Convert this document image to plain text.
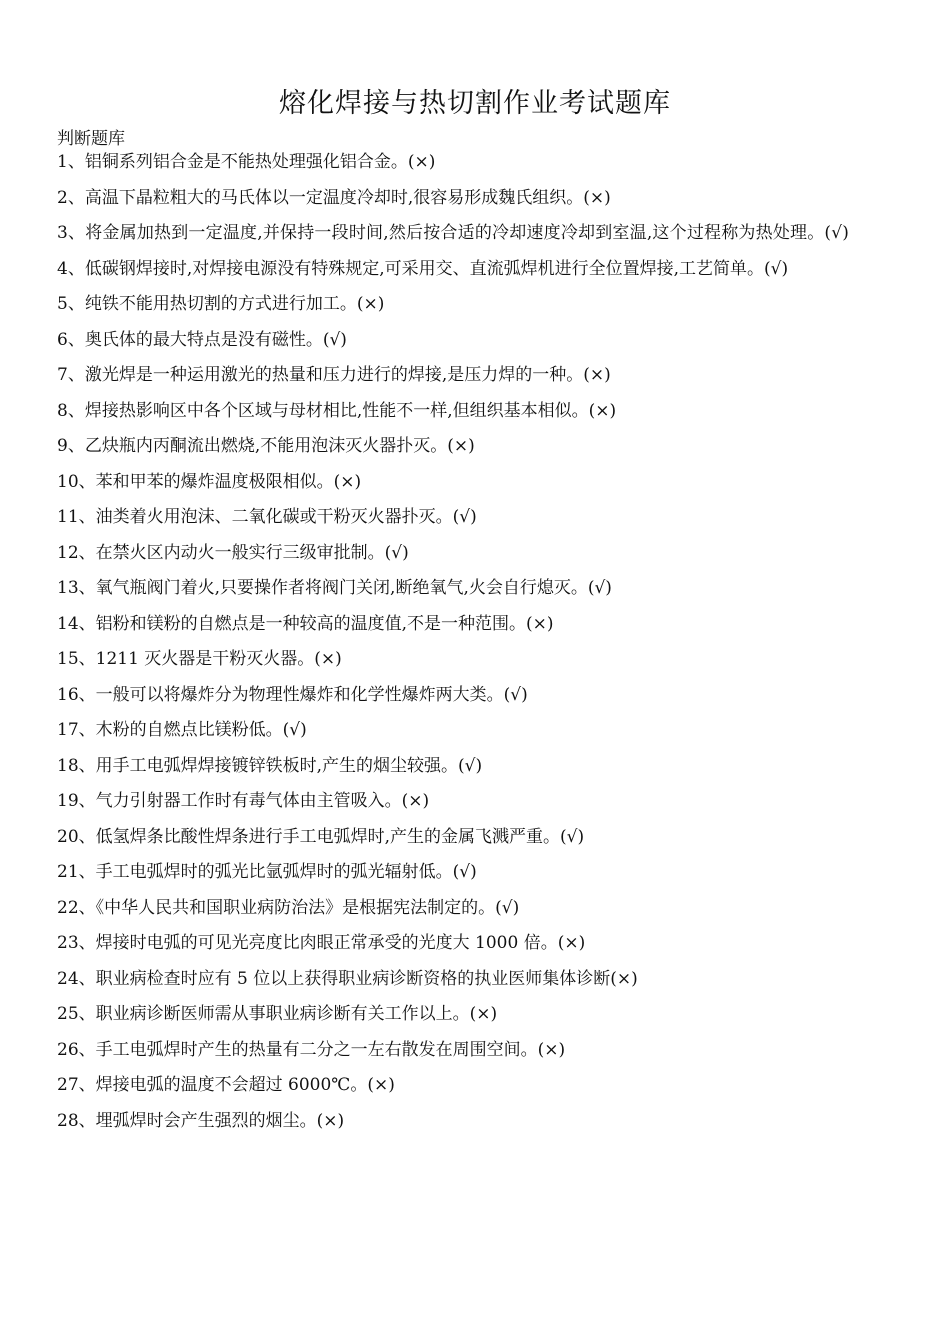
熔化焊接与热切割作业考试题库
判断题库
1、铝铜系列铝合金是不能热处理强化铝合金。(×)
2、高温下晶粒粗大的马氏体以一定温度冷却时,很容易形成魏氏组织。(×)
3、将金属加热到一定温度,并保持一段时间,然后按合适的冷却速度冷却到室温,这个过程称为热处理。(√)
4、低碳钢焊接时,对焊接电源没有特殊规定,可采用交、直流弧焊机进行全位置焊接,工艺简单。(√)
5、纯铁不能用热切割的方式进行加工。(×)
6、奥氏体的最大特点是没有磁性。(√)
7、激光焊是一种运用激光的热量和压力进行的焊接,是压力焊的一种。(×)
8、焊接热影响区中各个区域与母材相比,性能不一样,但组织基本相似。(×)
9、乙炔瓶内丙酮流出燃烧,不能用泡沫灭火器扑灭。(×)
10、苯和甲苯的爆炸温度极限相似。(×)
11、油类着火用泡沫、二氧化碳或干粉灭火器扑灭。(√)
12、在禁火区内动火一般实行三级审批制。(√)
13、氧气瓶阀门着火,只要操作者将阀门关闭,断绝氧气,火会自行熄灭。(√)
14、铝粉和镁粉的自燃点是一种较高的温度值,不是一种范围。(×)
15、1211 灭火器是干粉灭火器。(×)
16、一般可以将爆炸分为物理性爆炸和化学性爆炸两大类。(√)
17、木粉的自燃点比镁粉低。(√)
18、用手工电弧焊焊接镀锌铁板时,产生的烟尘较强。(√)
19、气力引射器工作时有毒气体由主管吸入。(×)
20、低氢焊条比酸性焊条进行手工电弧焊时,产生的金属飞溅严重。(√)
21、手工电弧焊时的弧光比氩弧焊时的弧光辐射低。(√)
22、《中华人民共和国职业病防治法》是根据宪法制定的。(√)
23、焊接时电弧的可见光亮度比肉眼正常承受的光度大 1000 倍。(×)
24、职业病检查时应有 5 位以上获得职业病诊断资格的执业医师集体诊断(×)
25、职业病诊断医师需从事职业病诊断有关工作以上。(×)
26、手工电弧焊时产生的热量有二分之一左右散发在周围空间。(×)
27、焊接电弧的温度不会超过 6000℃。(×)
28、埋弧焊时会产生强烈的烟尘。(×)
